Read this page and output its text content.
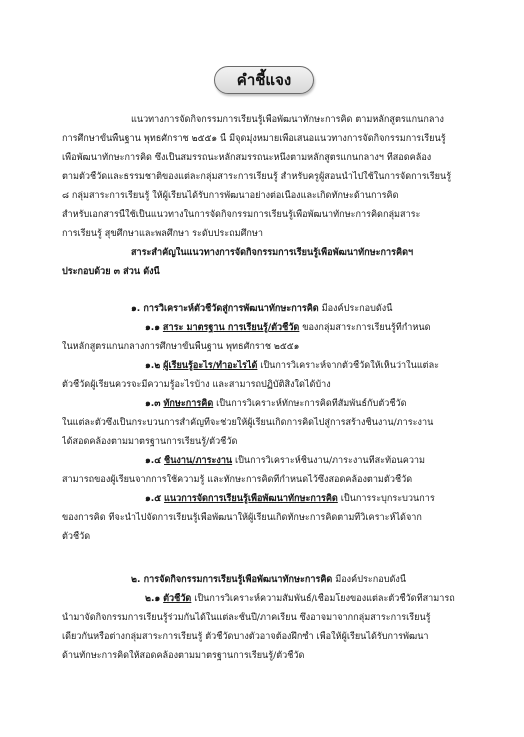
คำชี้แจง
แนวทางการจัดกิจกรรมการเรียนรู้เพื่อพัฒนาทักษะการคิด ตามหลักสูตรแกนกลาง
การศึกษาขั้นพื้นฐาน พุทธศักราช ๒๕๕๑ นี้ มีจุดมุ่งหมายเพื่อเสนอแนวทางการจัดกิจกรรมการเรียนรู้
เพื่อพัฒนาทักษะการคิด ซึ่งเป็นสมรรถนะหลักสมรรถนะหนึ่งตามหลักสูตรแกนกลางฯ ที่สอดคล้อง
ตามตัวชี้วัดและธรรมชาติของแต่ละกลุ่มสาระการเรียนรู้ สำหรับครูผู้สอนนำไปใช้ในการจัดการเรียนรู้
๘ กลุ่มสาระการเรียนรู้ ให้ผู้เรียนได้รับการพัฒนาอย่างต่อเนื่องและเกิดทักษะด้านการคิด
สำหรับเอกสารนี้ใช้เป็นแนวทางในการจัดกิจกรรมการเรียนรู้เพื่อพัฒนาทักษะการคิดกลุ่มสาระ
การเรียนรู้ สุขศึกษาและพลศึกษา ระดับประถมศึกษา
สาระสำคัญในแนวทางการจัดกิจกรรมการเรียนรู้เพื่อพัฒนาทักษะการคิดฯ
ประกอบด้วย ๓ ส่วน ดังนี้
๑. การวิเคราะห์ตัวชี้วัดสู่การพัฒนาทักษะการคิด มีองค์ประกอบดังนี้
๑.๑ สาระ มาตรฐาน การเรียนรู้/ตัวชี้วัด ของกลุ่มสาระการเรียนรู้ที่กำหนด
ในหลักสูตรแกนกลางการศึกษาขั้นพื้นฐาน พุทธศักราช ๒๕๕๑
๑.๒ ผู้เรียนรู้อะไร/ทำอะไรได้ เป็นการวิเคราะห์จากตัวชี้วัดให้เห็นว่าในแต่ละ
ตัวชี้วัดผู้เรียนควรจะมีความรู้อะไรบ้าง และสามารถปฏิบัติสิ่งใดได้บ้าง
๑.๓ ทักษะการคิด เป็นการวิเคราะห์ทักษะการคิดที่สัมพันธ์กับตัวชี้วัด
ในแต่ละตัวซึ่งเป็นกระบวนการสำคัญที่จะช่วยให้ผู้เรียนเกิดการคิดไปสู่การสร้างชิ้นงาน/ภาระงาน
ได้สอดคล้องตามมาตรฐานการเรียนรู้/ตัวชี้วัด
๑.๔ ชิ้นงาน/ภาระงาน เป็นการวิเคราะห์ชิ้นงาน/ภาระงานที่สะท้อนความ
สามารถของผู้เรียนจากการใช้ความรู้ และทักษะการคิดที่กำหนดไว้ซึ่งสอดคล้องตามตัวชี้วัด
๑.๕ แนวการจัดการเรียนรู้เพื่อพัฒนาทักษะการคิด เป็นการระบุกระบวนการ
ของการคิด ที่จะนำไปจัดการเรียนรู้เพื่อพัฒนาให้ผู้เรียนเกิดทักษะการคิดตามที่วิเคราะห์ได้จาก
ตัวชี้วัด
๒. การจัดกิจกรรมการเรียนรู้เพื่อพัฒนาทักษะการคิด มีองค์ประกอบดังนี้
๒.๑ ตัวชี้วัด เป็นการวิเคราะห์ความสัมพันธ์/เชื่อมโยงของแต่ละตัวชี้วัดที่สามารถ
นำมาจัดกิจกรรมการเรียนรู้ร่วมกันได้ในแต่ละชั้นปี/ภาคเรียน ซึ่งอาจมาจากกลุ่มสาระการเรียนรู้
เดียวกันหรือต่างกลุ่มสาระการเรียนรู้ ตัวชี้วัดบางตัวอาจต้องฝึกซ้ำ เพื่อให้ผู้เรียนได้รับการพัฒนา
ด้านทักษะการคิดให้สอดคล้องตามมาตรฐานการเรียนรู้/ตัวชี้วัด
